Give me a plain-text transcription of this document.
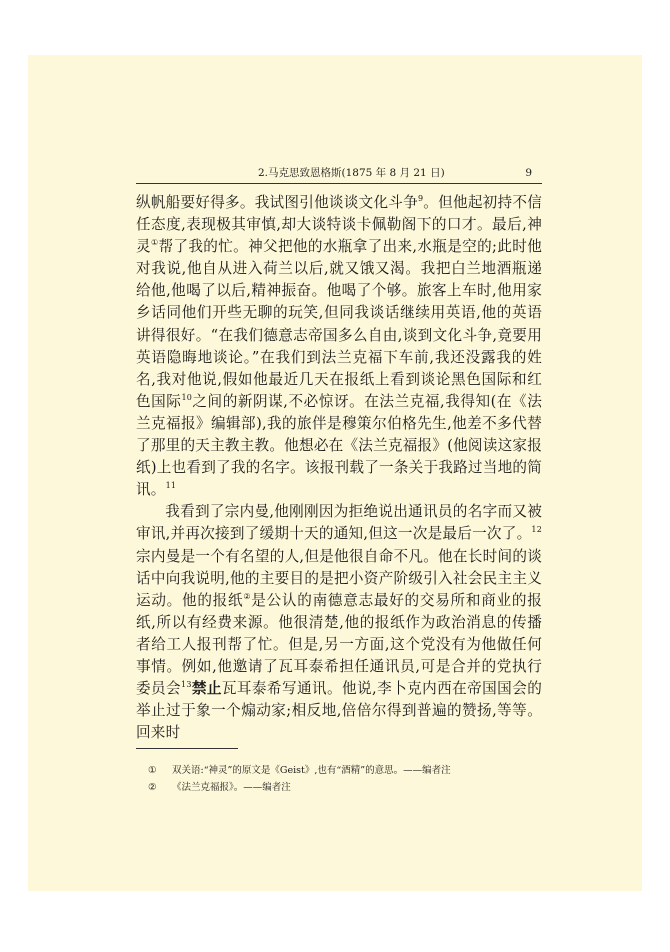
2.马克思致恩格斯(1875 年 8 月 21 日)	9

纵帆船要好得多。我试图引他谈谈文化斗争$^9$。但他起初持不信任态度,表现极其审慎,却大谈特谈卡佩勒阁下的口才。最后,神灵①帮了我的忙。神父把他的水瓶拿了出来,水瓶是空的;此时他对我说,他自从进入荷兰以后,就又饿又渴。我把白兰地酒瓶递给他,他喝了以后,精神振奋。他喝了个够。旅客上车时,他用家乡话同他们开些无聊的玩笑,但同我谈话继续用英语,他的英语讲得很好。“在我们德意志帝国多么自由,谈到文化斗争,竟要用英语隐晦地谈论。”在我们到法兰克福下车前,我还没露我的姓名,我对他说,假如他最近几天在报纸上看到谈论黑色国际和红色国际$^{10}$之间的新阴谋,不必惊讶。在法兰克福,我得知(在《法兰克福报》编辑部),我的旅伴是穆策尔伯格先生,他差不多代替了那里的天主教主教。他想必在《法兰克福报》(他阅读这家报纸)上也看到了我的名字。该报刊载了一条关于我路过当地的简讯。$^{11}$

我看到了宗内曼,他刚刚因为拒绝说出通讯员的名字而又被审讯,并再次接到了缓期十天的通知,但这一次是最后一次了。$^{12}$宗内曼是一个有名望的人,但是他很自命不凡。他在长时间的谈话中向我说明,他的主要目的是把小资产阶级引入社会民主主义运动。他的报纸②是公认的南德意志最好的交易所和商业的报纸,所以有经费来源。他很清楚,他的报纸作为政治消息的传播者给工人报刊帮了忙。但是,另一方面,这个党没有为他做任何事情。例如,他邀请了瓦耳泰希担任通讯员,可是合并的党执行委员会$^{13}$禁止瓦耳泰希写通讯。他说,李卜克内西在帝国国会的举止过于象一个煽动家;相反地,倍倍尔得到普遍的赞扬,等等。回来时

① 双关语:“神灵”的原文是《Geist》,也有“酒精”的意思。——编者注
② 《法兰克福报》。——编者注
